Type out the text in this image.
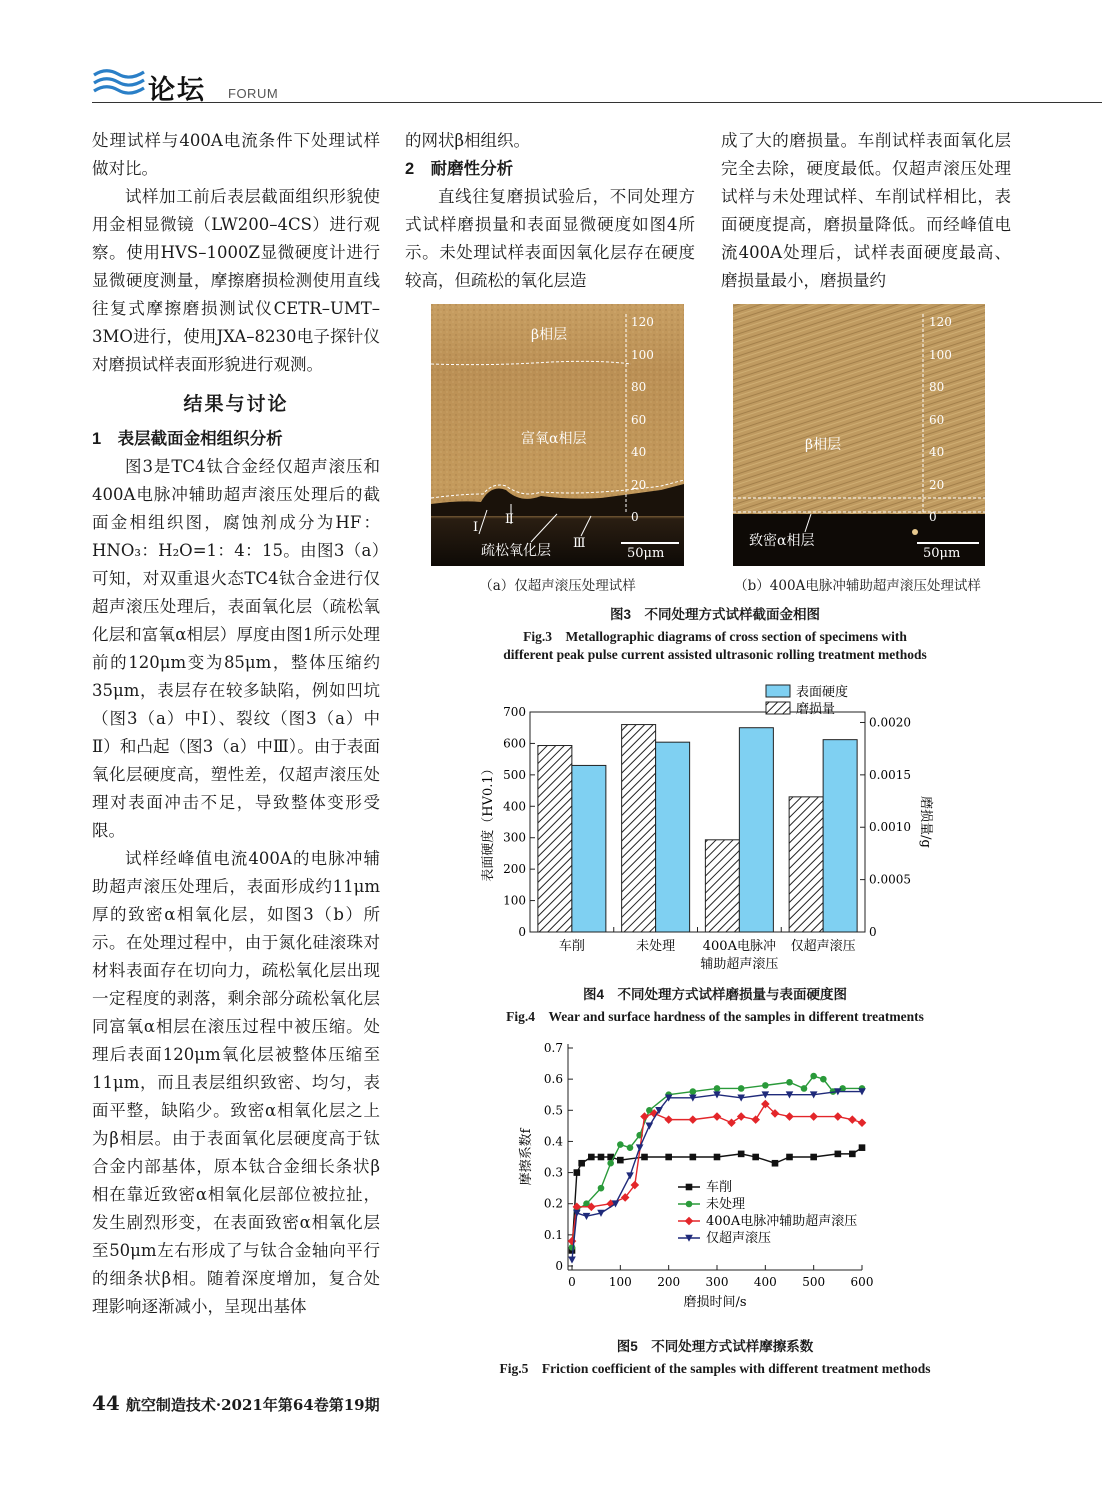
论坛 FORUM

处理试样与400A电流条件下处理试样做对比。

试样加工前后表层截面组织形貌使用金相显微镜（LW200–4CS）进行观察。使用HVS–1000Z显微硬度计进行显微硬度测量，摩擦磨损检测使用直线往复式摩擦磨损测试仪CETR–UMT–3MO进行，使用JXA–8230电子探针仪对磨损试样表面形貌进行观测。

结果与讨论

1　表层截面金相组织分析

图3是TC4钛合金经仅超声滚压和400A电脉冲辅助超声滚压处理后的截面金相组织图，腐蚀剂成分为HF：HNO₃：H₂O=1：4：15。由图3（a）可知，对双重退火态TC4钛合金进行仅超声滚压处理后，表面氧化层（疏松氧化层和富氧α相层）厚度由图1所示处理前的120μm变为85μm，整体压缩约35μm，表层存在较多缺陷，例如凹坑（图3（a）中Ⅰ）、裂纹（图3（a）中Ⅱ）和凸起（图3（a）中Ⅲ）。由于表面氧化层硬度高，塑性差，仅超声滚压处理对表面冲击不足，导致整体变形受限。

试样经峰值电流400A的电脉冲辅助超声滚压处理后，表面形成约11μm厚的致密α相氧化层，如图3（b）所示。在处理过程中，由于氮化硅滚珠对材料表面存在切向力，疏松氧化层出现一定程度的剥落，剩余部分疏松氧化层同富氧α相层在滚压过程中被压缩。处理后表面120μm氧化层被整体压缩至11μm，而且表层组织致密、均匀，表面平整，缺陷少。致密α相氧化层之上为β相层。由于表面氧化层硬度高于钛合金内部基体，原本钛合金细长条状β相在靠近致密α相氧化层部位被拉扯，发生剧烈形变，在表面致密α相氧化层至50μm左右形成了与钛合金轴向平行的细条状β相。随着深度增加，复合处理影响逐渐减小，呈现出基体

的网状β相组织。

2　耐磨性分析

直线往复磨损试验后，不同处理方式试样磨损量和表面显微硬度如图4所示。未处理试样表面因氧化层存在硬度较高，但疏松的氧化层造

成了大的磨损量。车削试样表面氧化层完全去除，硬度最低。仅超声滚压处理试样与未处理试样、车削试样相比，表面硬度提高，磨损量降低。而经峰值电流400A处理后，试样表面硬度最高、磨损量最小，磨损量约

β相层
富氧α相层
疏松氧化层
Ⅰ
Ⅱ
Ⅲ
50μm
120
100
80
60
40
20
0
（a）仅超声滚压处理试样
β相层
致密α相层
50μm
120
100
80
60
40
20
0
（b）400A电脉冲辅助超声滚压处理试样
图3　不同处理方式试样截面金相图
Fig.3　Metallographic diagrams of cross section of specimens with
different peak pulse current assisted ultrasonic rolling treatment methods
0
100
200
300
400
500
600
700
0
0.0005
0.0010
0.0015
0.0020
车削	未处理 400A电脉冲
辅助超声滚压
仅超声滚压
表面硬度（HV0.1）	磨损量/g
表面硬度
磨损量
图4　不同处理方式试样磨损量与表面硬度图
Fig.4　Wear and surface hardness of the samples in different treatments
0
0.1
0.2
0.3
0.4
0.5
0.6
0.7
0	100 200 300 400 500 600
磨损时间/s
摩擦系数f
车削
未处理
400A电脉冲辅助超声滚压
仅超声滚压
图5　不同处理方式试样摩擦系数
Fig.5　Friction coefficient of the samples with different treatment methods
44 航空制造技术·2021年第64卷第19期
